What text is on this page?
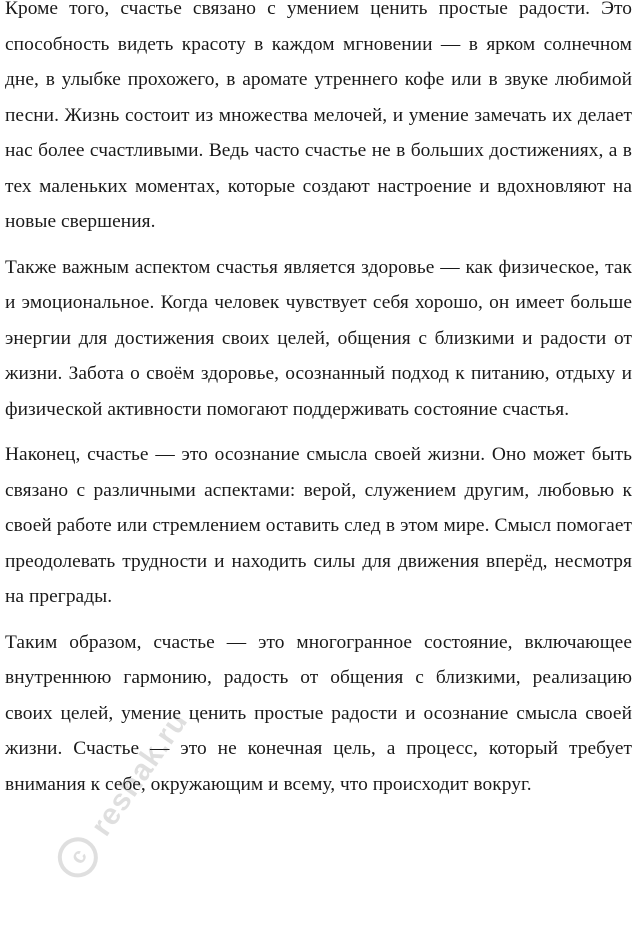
Кроме того, счастье связано с умением ценить простые радости. Это способность видеть красоту в каждом мгновении — в ярком солнечном дне, в улыбке прохожего, в аромате утреннего кофе или в звуке любимой песни. Жизнь состоит из множества мелочей, и умение замечать их делает нас более счастливыми. Ведь часто счастье не в больших достижениях, а в тех маленьких моментах, которые создают настроение и вдохновляют на новые свершения.

Также важным аспектом счастья является здоровье — как физическое, так и эмоциональное. Когда человек чувствует себя хорошо, он имеет больше энергии для достижения своих целей, общения с близкими и радости от жизни. Забота о своём здоровье, осознанный подход к питанию, отдыху и физической активности помогают поддерживать состояние счастья.

Наконец, счастье — это осознание смысла своей жизни. Оно может быть связано с различными аспектами: верой, служением другим, любовью к своей работе или стремлением оставить след в этом мире. Смысл помогает преодолевать трудности и находить силы для движения вперёд, несмотря на преграды.

Таким образом, счастье — это многогранное состояние, включающее внутреннюю гармонию, радость от общения с близкими, реализацию своих целей, умение ценить простые радости и осознание смысла своей жизни. Счастье — это не конечная цель, а процесс, который требует внимания к себе, окружающим и всему, что происходит вокруг.

c
reshak.ru
